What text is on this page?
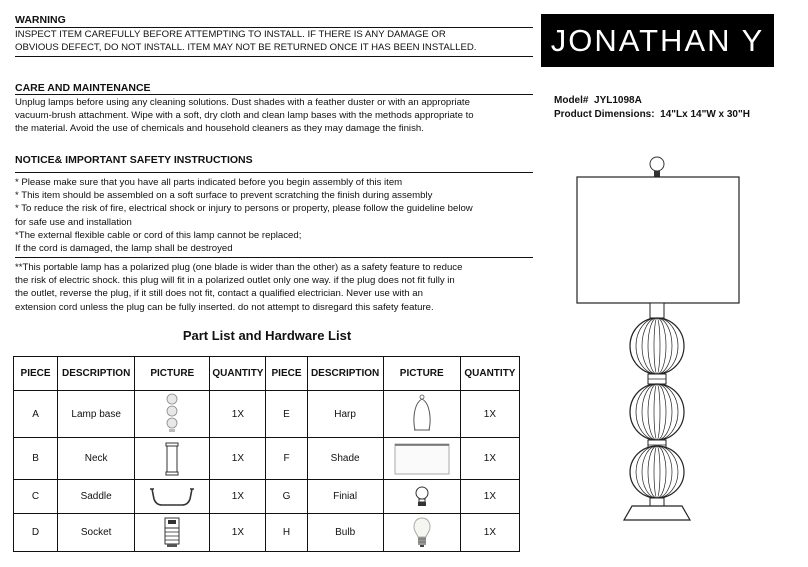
WARNING
INSPECT ITEM CAREFULLY BEFORE ATTEMPTING TO INSTALL. IF THERE IS ANY DAMAGE OR
OBVIOUS DEFECT, DO NOT INSTALL. ITEM MAY NOT BE RETURNED ONCE IT HAS BEEN INSTALLED.	JONATHAN Y
Model# JYL1098A
Product Dimensions: 14"Lx 14"W x 30"H
CARE AND MAINTENANCE
Unplug lamps before using any cleaning solutions. Dust shades with a feather duster or with an appropriate
vacuum-brush attachment. Wipe with a soft, dry cloth and clean lamp bases with the methods appropriate to
the material. Avoid the use of chemicals and household cleaners as they may damage the finish.
NOTICE& IMPORTANT SAFETY INSTRUCTIONS
* Please make sure that you have all parts indicated before you begin assembly of this item
* This item should be assembled on a soft surface to prevent scratching the finish during assembly
* To reduce the risk of fire, electrical shock or injury to persons or property, please follow the guideline below
for safe use and installation
*The external flexible cable or cord of this lamp cannot be replaced;
If the cord is damaged, the lamp shall be destroyed
**This portable lamp has a polarized plug (one blade is wider than the other) as a safety feature to reduce
the risk of electric shock. this plug will fit in a polarized outlet only one way. if the plug does not fit fully in
the outlet, reverse the plug, if it still does not fit, contact a qualified electrician. Never use with an
extension cord unless the plug can be fully inserted. do not attempt to disregard this safety feature.
Part List and Hardware List
PIECE	DESCRIPTION	PICTURE	QUANTITY	PIECE	DESCRIPTION	PICTURE	QUANTITY
A	Lamp base		1X	E	Harp		1X
B	Neck		1X	F	Shade		1X
C	Saddle		1X	G	Finial		1X
D	Socket		1X	H	Bulb		1X
